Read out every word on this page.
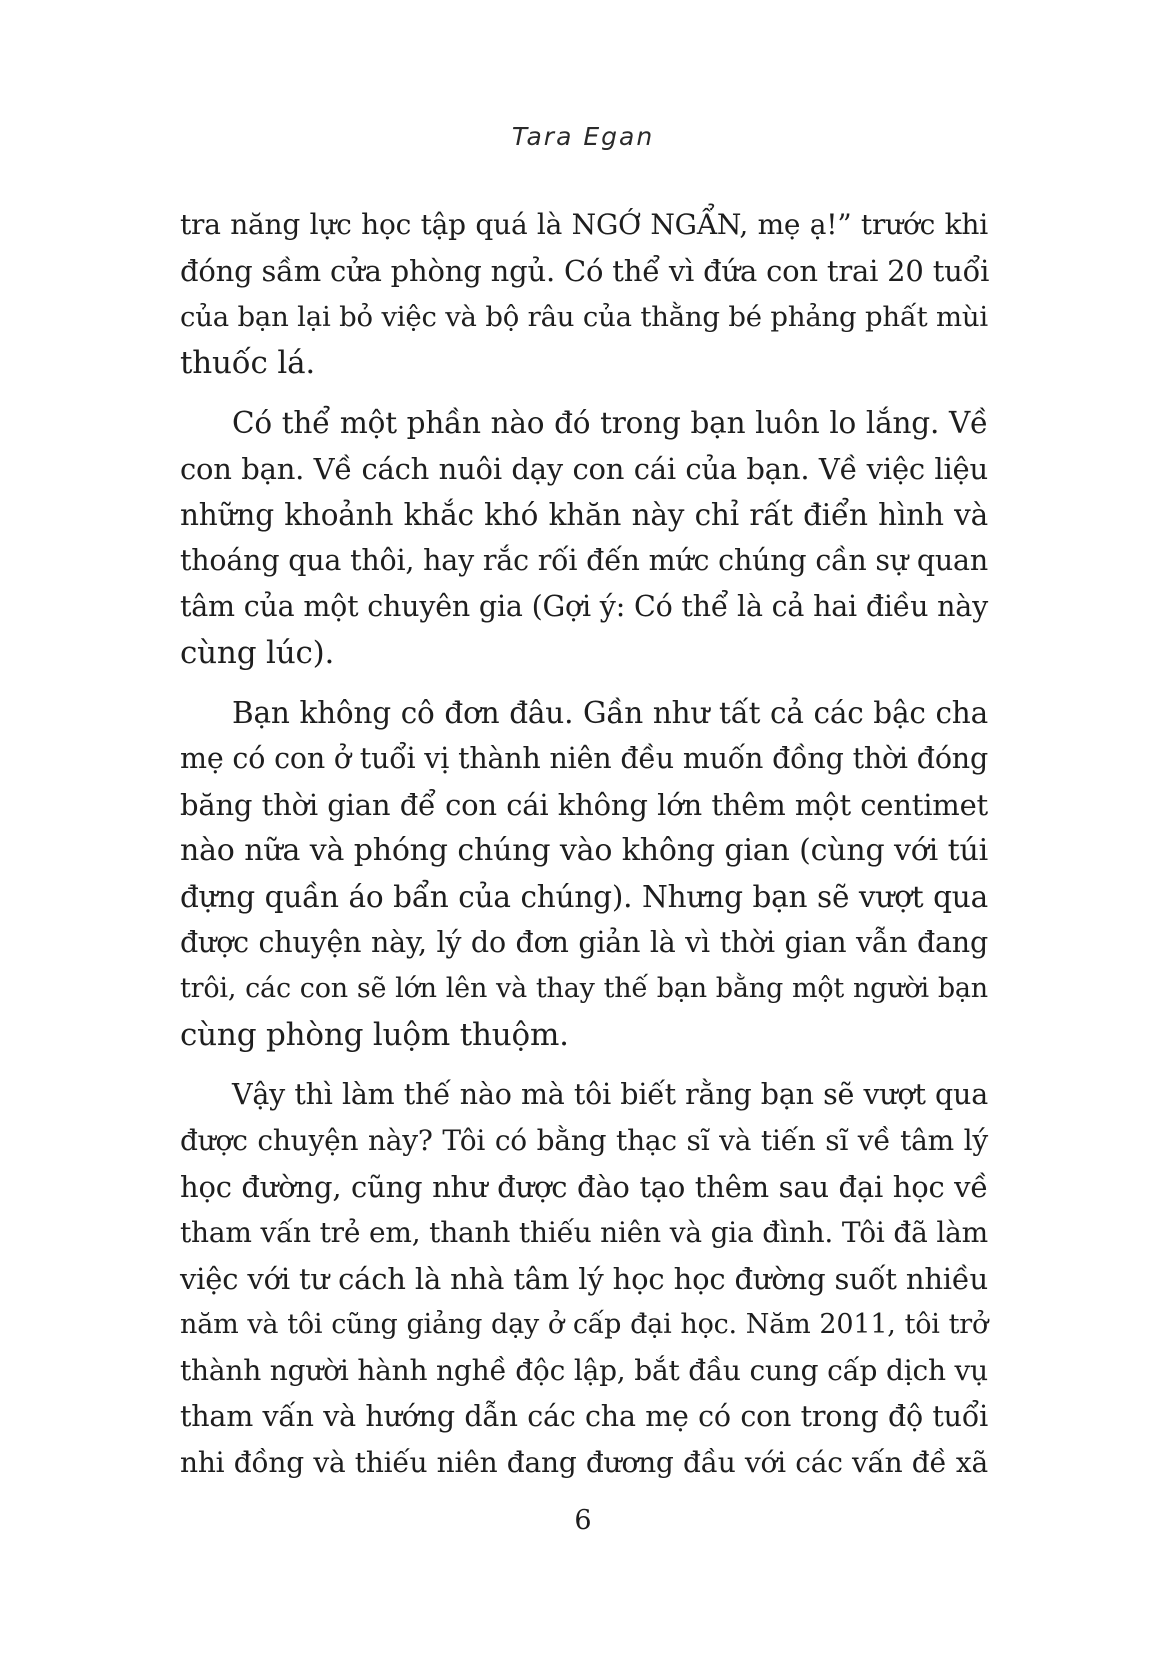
Tara Egan
tra năng lực học tập quá là NGỚ NGẨN, mẹ ạ!” trước khi
đóng sầm cửa phòng ngủ. Có thể vì đứa con trai 20 tuổi
của bạn lại bỏ việc và bộ râu của thằng bé phảng phất mùi
thuốc lá.
Có thể một phần nào đó trong bạn luôn lo lắng. Về
con bạn. Về cách nuôi dạy con cái của bạn. Về việc liệu
những khoảnh khắc khó khăn này chỉ rất điển hình và
thoáng qua thôi, hay rắc rối đến mức chúng cần sự quan
tâm của một chuyên gia (Gợi ý: Có thể là cả hai điều này
cùng lúc).
Bạn không cô đơn đâu. Gần như tất cả các bậc cha
mẹ có con ở tuổi vị thành niên đều muốn đồng thời đóng
băng thời gian để con cái không lớn thêm một centimet
nào nữa và phóng chúng vào không gian (cùng với túi
đựng quần áo bẩn của chúng). Nhưng bạn sẽ vượt qua
được chuyện này, lý do đơn giản là vì thời gian vẫn đang
trôi, các con sẽ lớn lên và thay thế bạn bằng một người bạn
cùng phòng luộm thuộm.
Vậy thì làm thế nào mà tôi biết rằng bạn sẽ vượt qua
được chuyện này? Tôi có bằng thạc sĩ và tiến sĩ về tâm lý
học đường, cũng như được đào tạo thêm sau đại học về
tham vấn trẻ em, thanh thiếu niên và gia đình. Tôi đã làm
việc với tư cách là nhà tâm lý học học đường suốt nhiều
năm và tôi cũng giảng dạy ở cấp đại học. Năm 2011, tôi trở
thành người hành nghề độc lập, bắt đầu cung cấp dịch vụ
tham vấn và hướng dẫn các cha mẹ có con trong độ tuổi
nhi đồng và thiếu niên đang đương đầu với các vấn đề xã
6
